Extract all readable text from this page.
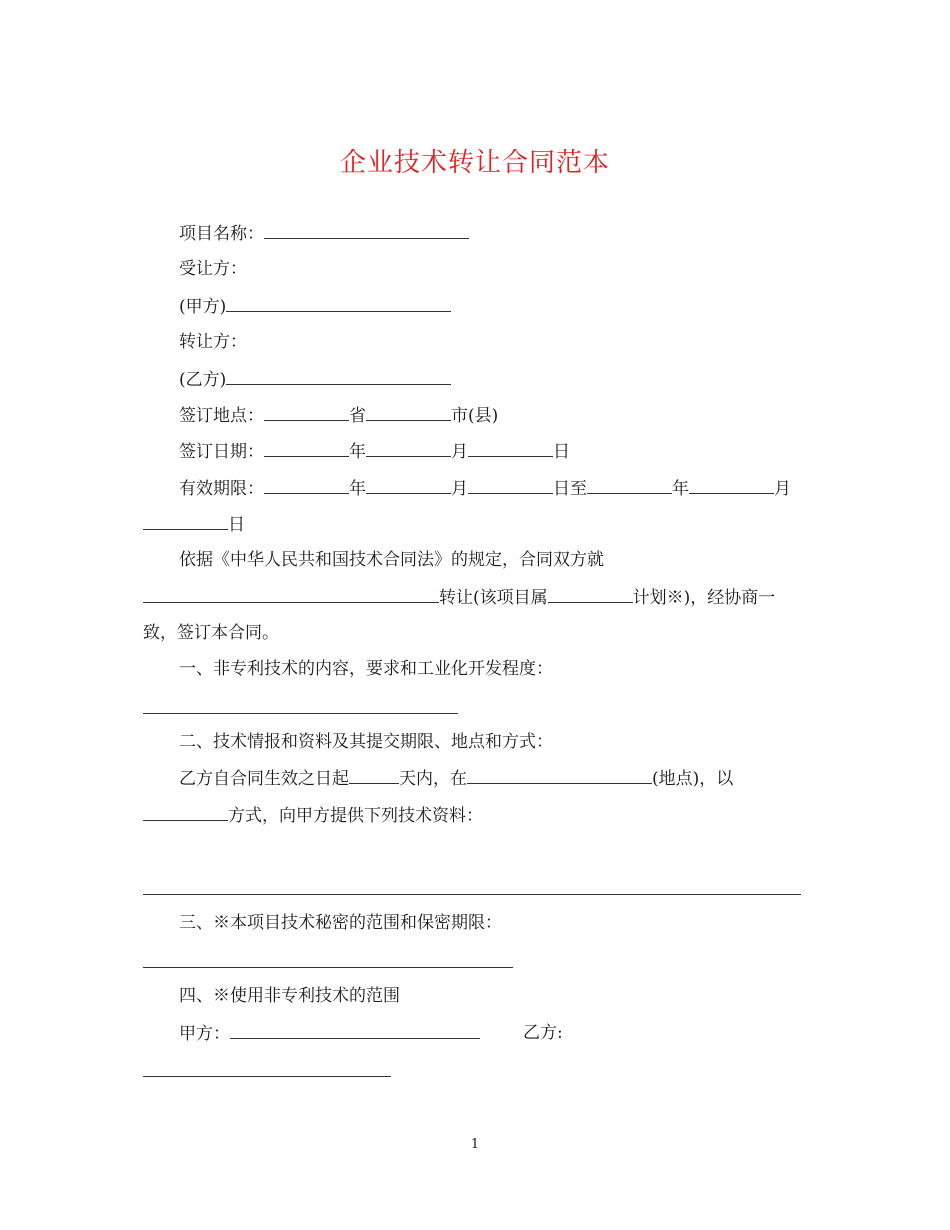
企业技术转让合同范本
项目名称：
受让方：
(甲方)
转让方：
(乙方)
签订地点：	省	市(县)
签订日期：	年	月	日
有效期限：	年	月	日至	年	月
日
依据《中华人民共和国技术合同法》的规定，合同双方就
转让(该项目属	计划※)，经协商一
致，签订本合同。
一、非专利技术的内容，要求和工业化开发程度：
二、技术情报和资料及其提交期限、地点和方式：
乙方自合同生效之日起	天内，在	(地点)，以
方式，向甲方提供下列技术资料：
三、※本项目技术秘密的范围和保密期限：
四、※使用非专利技术的范围
甲方：	乙方:
1
